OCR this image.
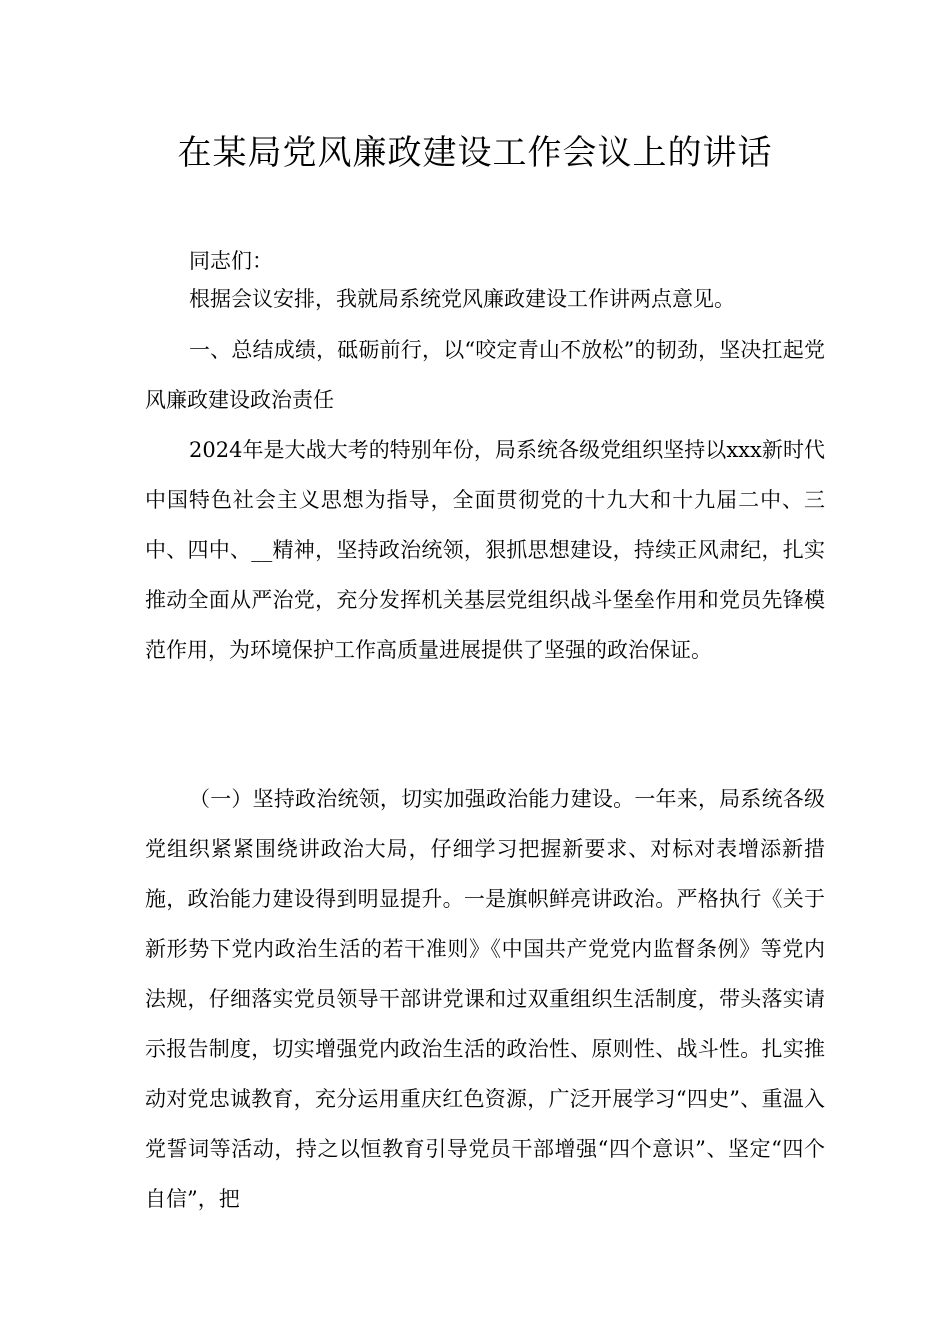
在某局党风廉政建设工作会议上的讲话

同志们：

根据会议安排，我就局系统党风廉政建设工作讲两点意见。

一、总结成绩，砥砺前行，以“咬定青山不放松”的韧劲，坚决扛起党风廉政建设政治责任

2024年是大战大考的特别年份，局系统各级党组织坚持以xxx新时代中国特色社会主义思想为指导，全面贯彻党的十九大和十九届二中、三中、四中、__精神，坚持政治统领，狠抓思想建设，持续正风肃纪，扎实推动全面从严治党，充分发挥机关基层党组织战斗堡垒作用和党员先锋模范作用，为环境保护工作高质量进展提供了坚强的政治保证。

（一）坚持政治统领，切实加强政治能力建设。一年来，局系统各级党组织紧紧围绕讲政治大局，仔细学习把握新要求、对标对表增添新措施，政治能力建设得到明显提升。一是旗帜鲜亮讲政治。严格执行《关于新形势下党内政治生活的若干准则》《中国共产党党内监督条例》等党内法规，仔细落实党员领导干部讲党课和过双重组织生活制度，带头落实请示报告制度，切实增强党内政治生活的政治性、原则性、战斗性。扎实推动对党忠诚教育，充分运用重庆红色资源，广泛开展学习“四史”、重温入党誓词等活动，持之以恒教育引导党员干部增强“四个意识”、坚定“四个自信”，把
